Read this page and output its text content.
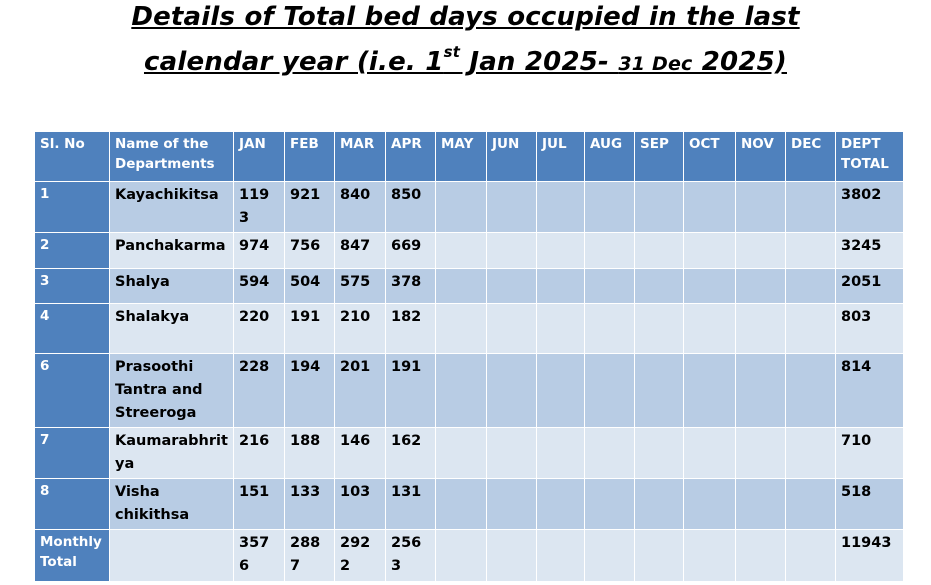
Details of Total bed days occupied in the last
calendar year (i.e. 1st Jan 2025- 31 Dec 2025)
Sl. No	Name of the Departments	JAN	FEB	MAR	APR	MAY	JUN	JUL	AUG	SEP	OCT	NOV	DEC	DEPT TOTAL
1	Kayachikitsa	1193	921	840	850									3802
2	Panchakarma	974	756	847	669									3245
3	Shalya	594	504	575	378									2051
4	Shalakya	220	191	210	182									803
6	Prasoothi Tantra and Streeroga	228	194	201	191									814
7	Kaumarabhritya	216	188	146	162									710
8	Visha chikithsa	151	133	103	131									518
Monthly Total		3576	2887	2922	2563									11943
